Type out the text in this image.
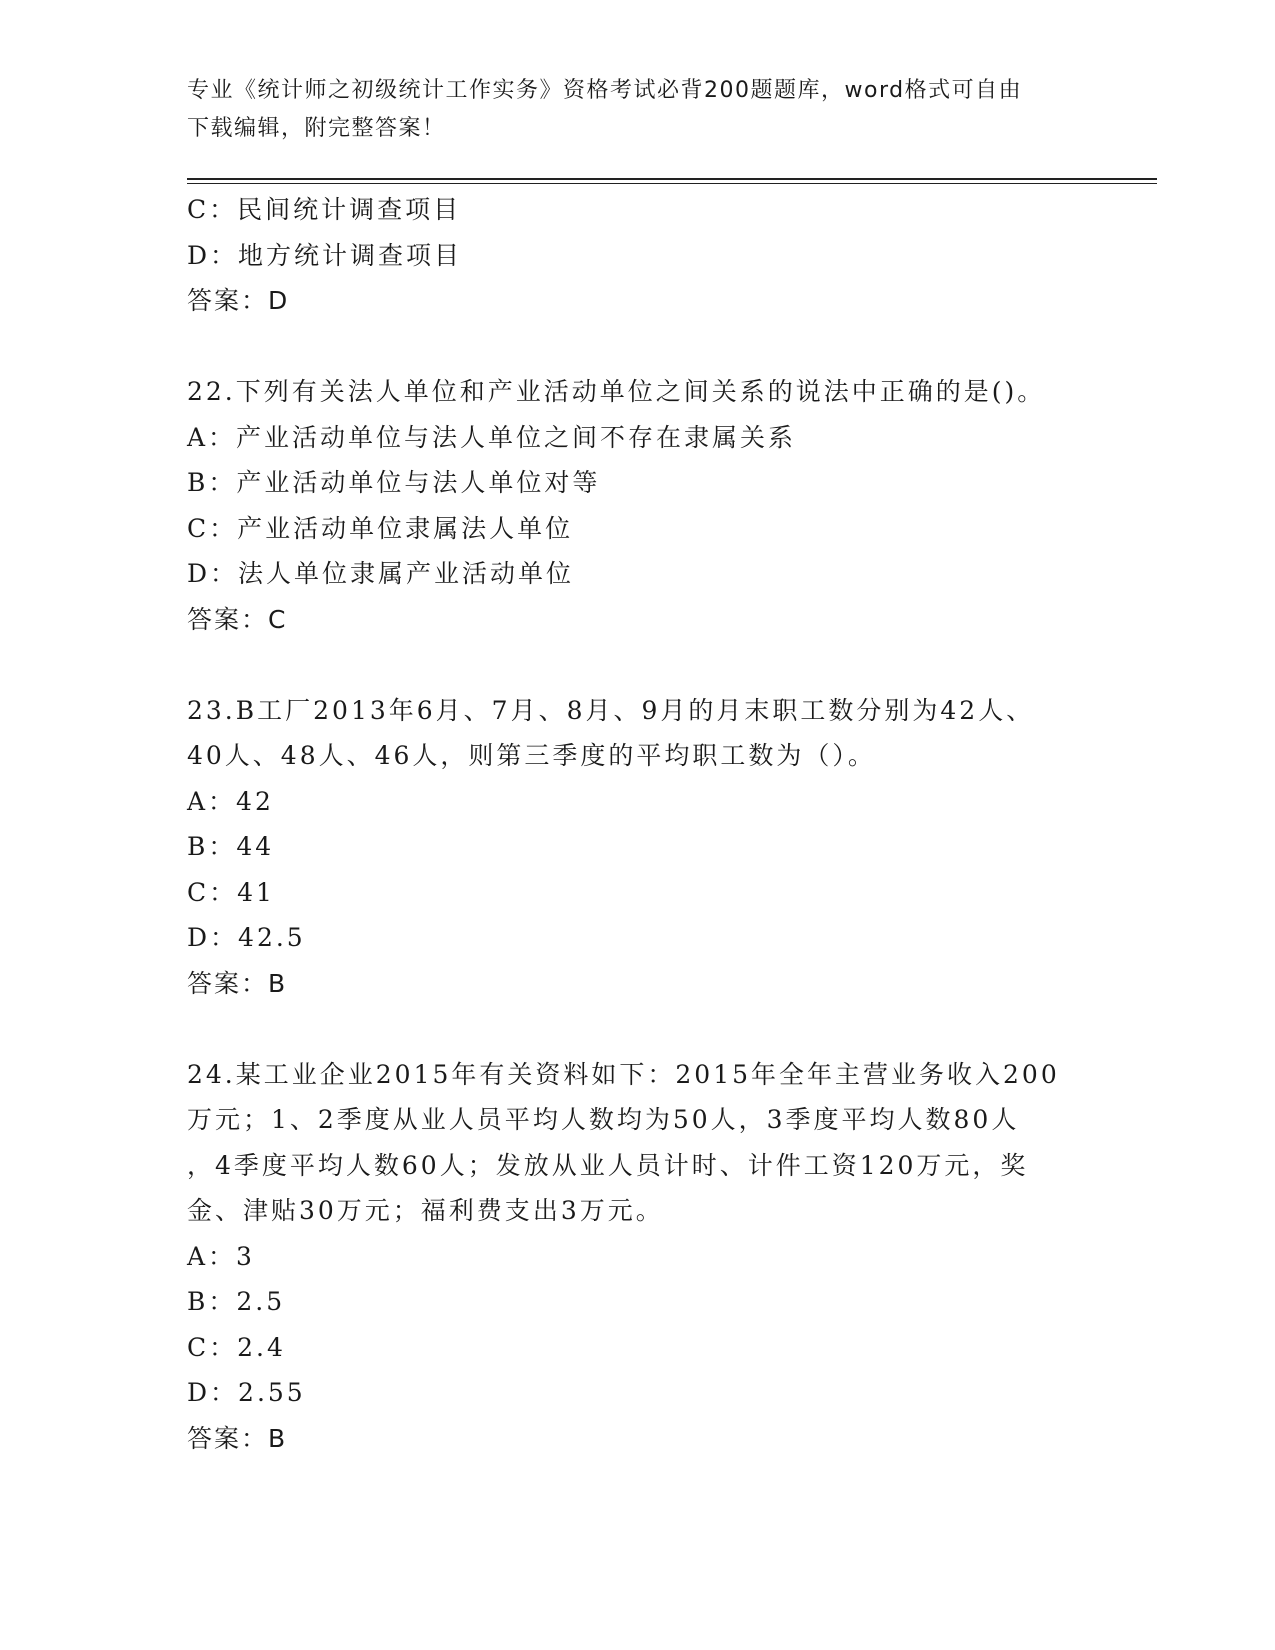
专业《统计师之初级统计工作实务》资格考试必背200题题库，word格式可自由
下载编辑，附完整答案！
C：民间统计调查项目
D：地方统计调查项目
答案：D
22.下列有关法人单位和产业活动单位之间关系的说法中正确的是()。
A：产业活动单位与法人单位之间不存在隶属关系
B：产业活动单位与法人单位对等
C：产业活动单位隶属法人单位
D：法人单位隶属产业活动单位
答案：C
23.B工厂2013年6月、7月、8月、9月的月末职工数分别为42人、
40人、48人、46人，则第三季度的平均职工数为（）。
A：42
B：44
C：41
D：42.5
答案：B
24.某工业企业2015年有关资料如下：2015年全年主营业务收入200
万元；1、2季度从业人员平均人数均为50人，3季度平均人数80人
，4季度平均人数60人；发放从业人员计时、计件工资120万元，奖
金、津贴30万元；福利费支出3万元。
A：3
B：2.5
C：2.4
D：2.55
答案：B
